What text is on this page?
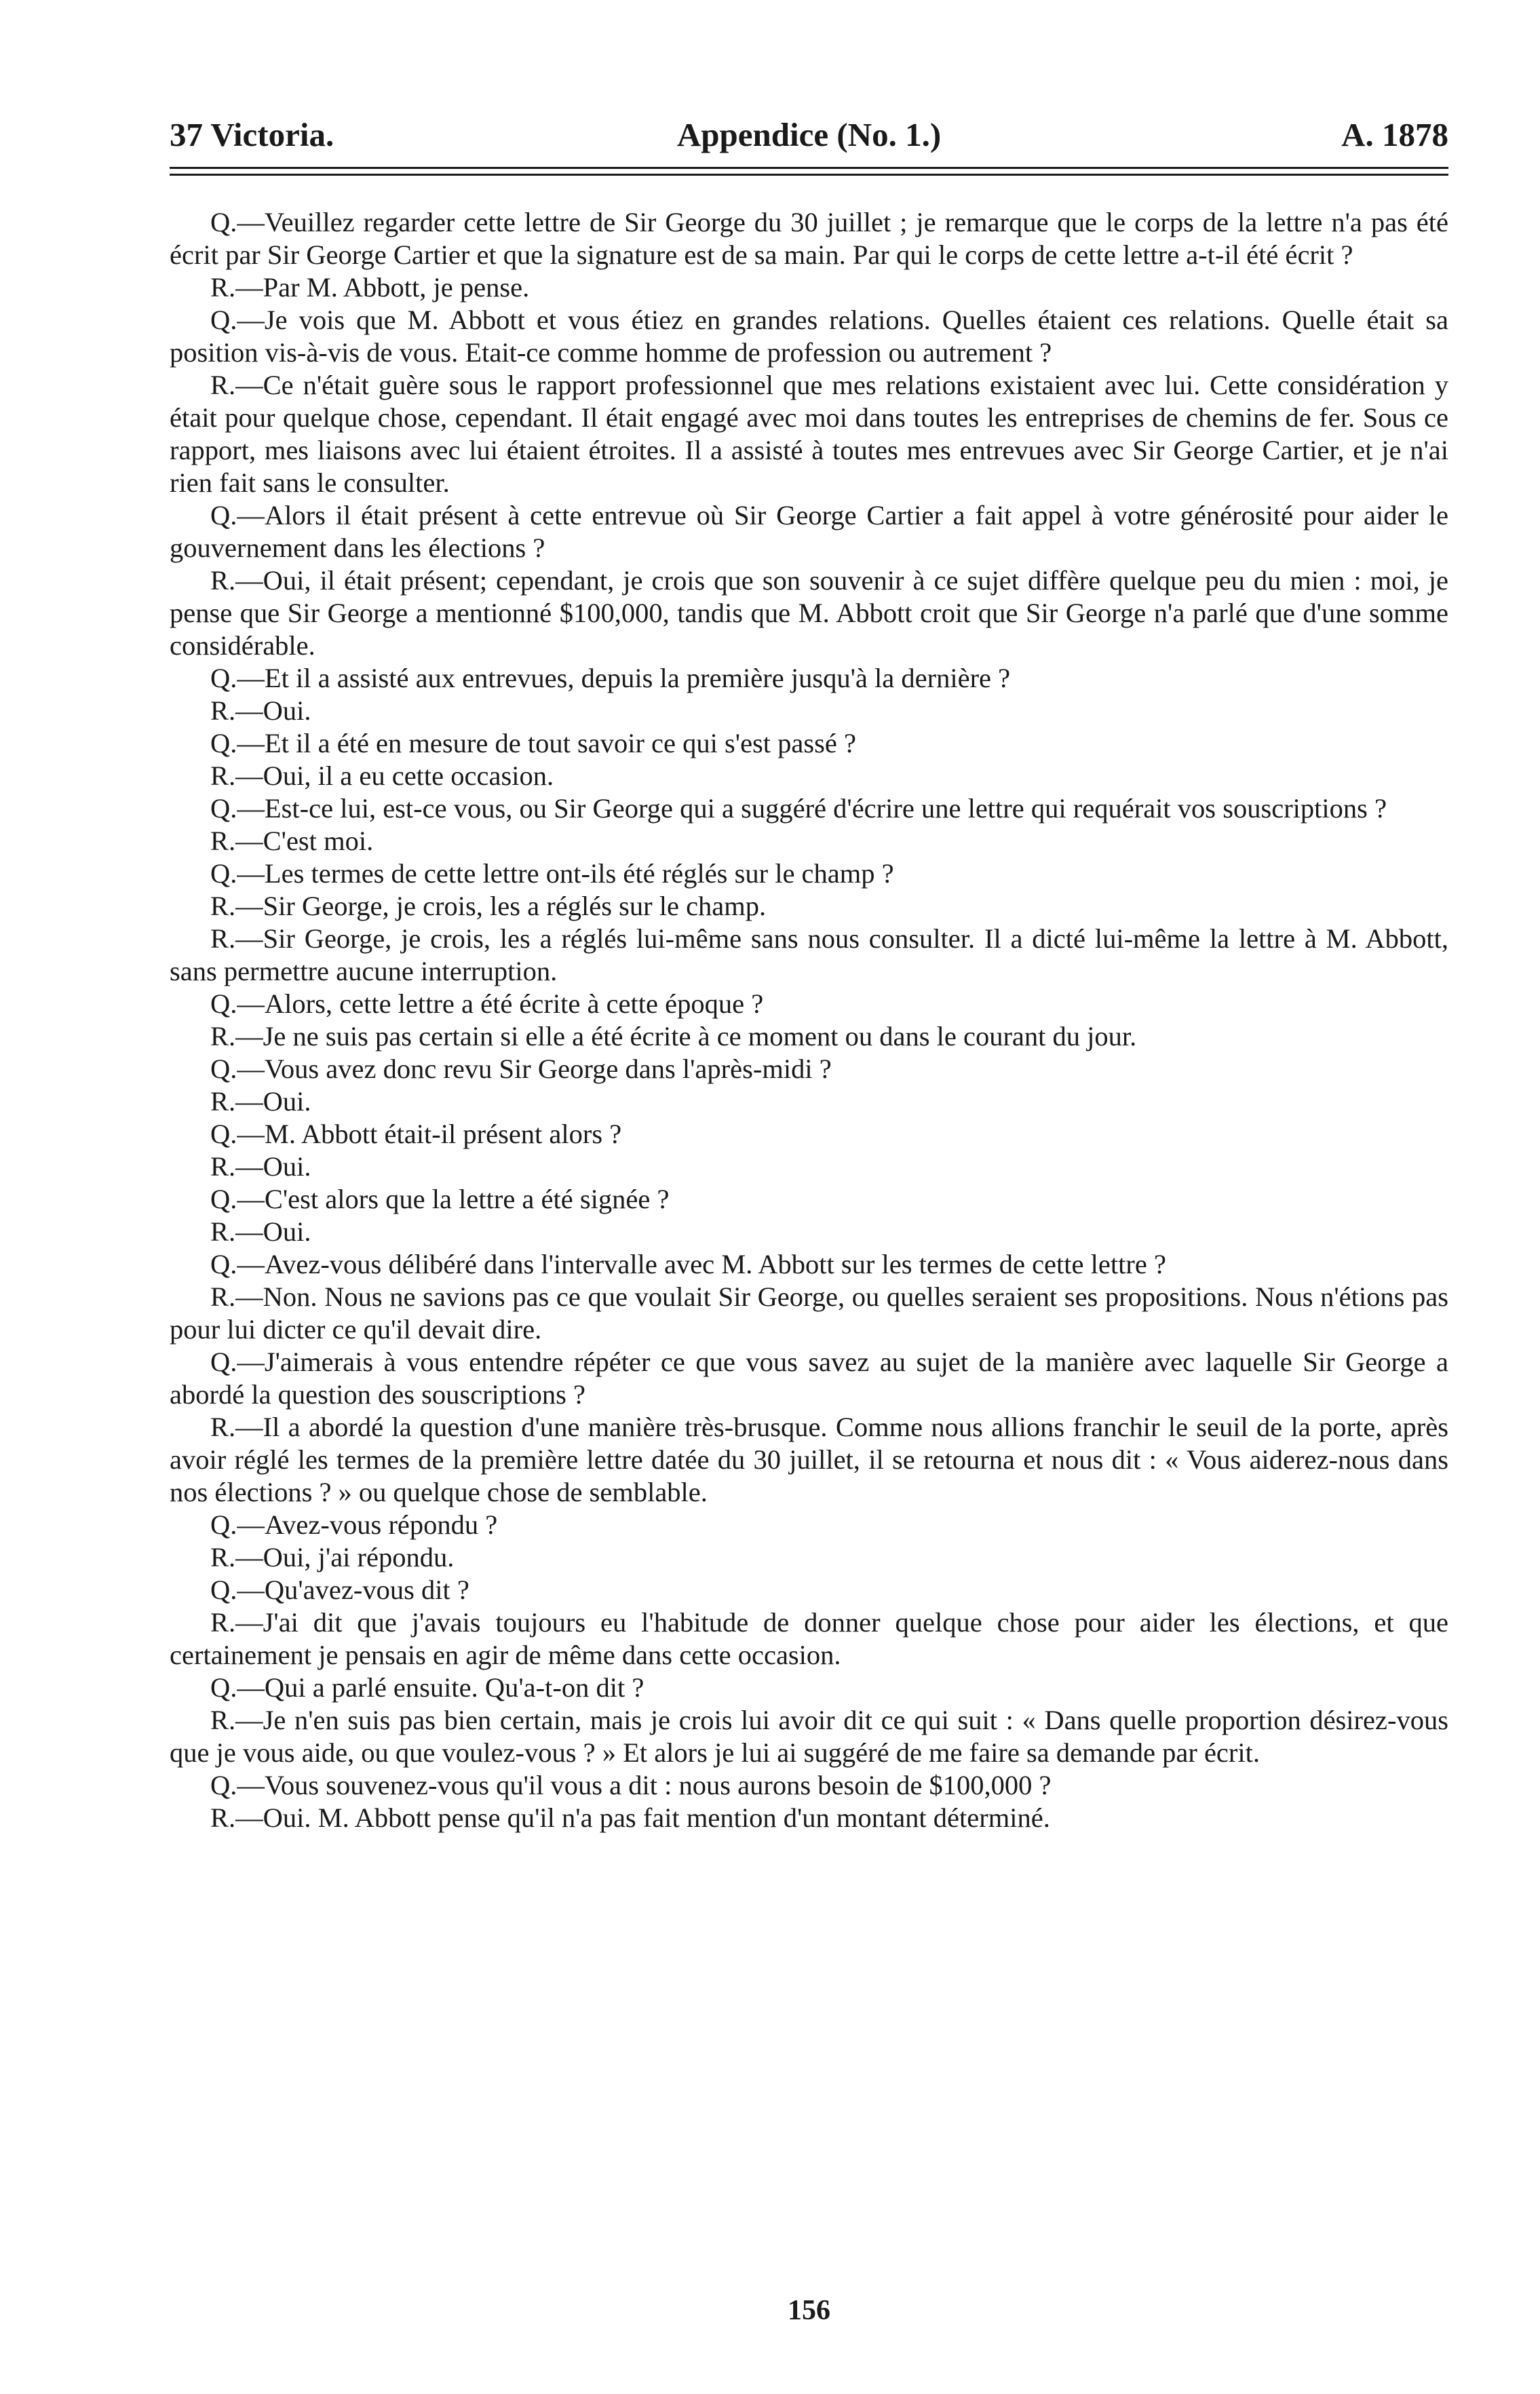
37 Victoria.	Appendice (No. 1.)	A. 1878

Q.—Veuillez regarder cette lettre de Sir George du 30 juillet ; je remarque que le corps de la lettre n'a pas été écrit par Sir George Cartier et que la signature est de sa main. Par qui le corps de cette lettre a-t-il été écrit ?

R.—Par M. Abbott, je pense.

Q.—Je vois que M. Abbott et vous étiez en grandes relations. Quelles étaient ces relations. Quelle était sa position vis-à-vis de vous. Etait-ce comme homme de profession ou autrement ?

R.—Ce n'était guère sous le rapport professionnel que mes relations existaient avec lui. Cette considération y était pour quelque chose, cependant. Il était engagé avec moi dans toutes les entreprises de chemins de fer. Sous ce rapport, mes liaisons avec lui étaient étroites. Il a assisté à toutes mes entrevues avec Sir George Cartier, et je n'ai rien fait sans le consulter.

Q.—Alors il était présent à cette entrevue où Sir George Cartier a fait appel à votre générosité pour aider le gouvernement dans les élections ?

R.—Oui, il était présent; cependant, je crois que son souvenir à ce sujet diffère quelque peu du mien : moi, je pense que Sir George a mentionné $100,000, tandis que M. Abbott croit que Sir George n'a parlé que d'une somme considérable.

Q.—Et il a assisté aux entrevues, depuis la première jusqu'à la dernière ?

R.—Oui.

Q.—Et il a été en mesure de tout savoir ce qui s'est passé ?

R.—Oui, il a eu cette occasion.

Q.—Est-ce lui, est-ce vous, ou Sir George qui a suggéré d'écrire une lettre qui requérait vos souscriptions ?

R.—C'est moi.

Q.—Les termes de cette lettre ont-ils été réglés sur le champ ?

R.—Sir George, je crois, les a réglés sur le champ.

R.—Sir George, je crois, les a réglés lui-même sans nous consulter. Il a dicté lui-même la lettre à M. Abbott, sans permettre aucune interruption.

Q.—Alors, cette lettre a été écrite à cette époque ?

R.—Je ne suis pas certain si elle a été écrite à ce moment ou dans le courant du jour.

Q.—Vous avez donc revu Sir George dans l'après-midi ?

R.—Oui.

Q.—M. Abbott était-il présent alors ?

R.—Oui.

Q.—C'est alors que la lettre a été signée ?

R.—Oui.

Q.—Avez-vous délibéré dans l'intervalle avec M. Abbott sur les termes de cette lettre ?

R.—Non. Nous ne savions pas ce que voulait Sir George, ou quelles seraient ses propositions. Nous n'étions pas pour lui dicter ce qu'il devait dire.

Q.—J'aimerais à vous entendre répéter ce que vous savez au sujet de la manière avec laquelle Sir George a abordé la question des souscriptions ?

R.—Il a abordé la question d'une manière très-brusque. Comme nous allions franchir le seuil de la porte, après avoir réglé les termes de la première lettre datée du 30 juillet, il se retourna et nous dit : « Vous aiderez-nous dans nos élections ? » ou quelque chose de semblable.

Q.—Avez-vous répondu ?

R.—Oui, j'ai répondu.

Q.—Qu'avez-vous dit ?

R.—J'ai dit que j'avais toujours eu l'habitude de donner quelque chose pour aider les élections, et que certainement je pensais en agir de même dans cette occasion.

Q.—Qui a parlé ensuite. Qu'a-t-on dit ?

R.—Je n'en suis pas bien certain, mais je crois lui avoir dit ce qui suit : « Dans quelle proportion désirez-vous que je vous aide, ou que voulez-vous ? » Et alors je lui ai suggéré de me faire sa demande par écrit.

Q.—Vous souvenez-vous qu'il vous a dit : nous aurons besoin de $100,000 ?

R.—Oui. M. Abbott pense qu'il n'a pas fait mention d'un montant déterminé.

156
